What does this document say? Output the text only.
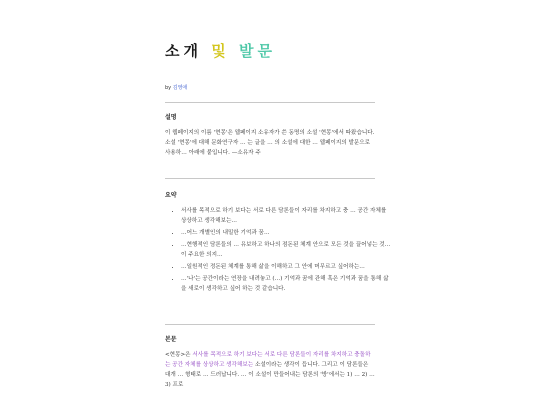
소개 및 발문
by 김영애
설명
이 웹페이지의 이름 '현몽'은 웹페이지 소유자가 쓴 동명의 소설 '현몽'에서 따왔습니다. 소설 '현몽'에 대해 문화연구자 … 는 글을 … 의 소설에 대한 … 웹페이지의 발문으로 사용하… 아래에 붙입니다. —소유자 주
요약
• 서사를 목적으로 하기 보다는 서로 다른 담론들이 자리를 차지하고 충 … 공간 자체를 상상하고 생각해보는…
• …어느 개별인의 내밀한 기억과 꿈…
• …현행적인 담론들의 … 유보하고 하나의 점돈된 체계 안으로 모든 것을 끌어넣는 것…이 주요한 의지…
• …일원적인 정돈된 체계를 통해 삶을 이해하고 그 안에 머무르고 싶어하는…
• …'나'는 공간이라는 연장을 내려놓고 (…) 기억과 꿈에 관해 혹은 기억과 꿈을 통해 삶을 새로이 생각하고 싶어 하는 것 같습니다.
본문
<현몽>은 서사를 목적으로 하기 보다는 서로 다른 담론들이 자리를 차지하고 충돌하는 공간 자체를 상상하고 생각해보는 소설이라는 생각이 듭니다. 그리고 이 담론들은 대개 … 형태로 … 드러납니다. … 이 소설이 만들어내는 담론의 '방'에서는 1) … 2) … 3) 프로
